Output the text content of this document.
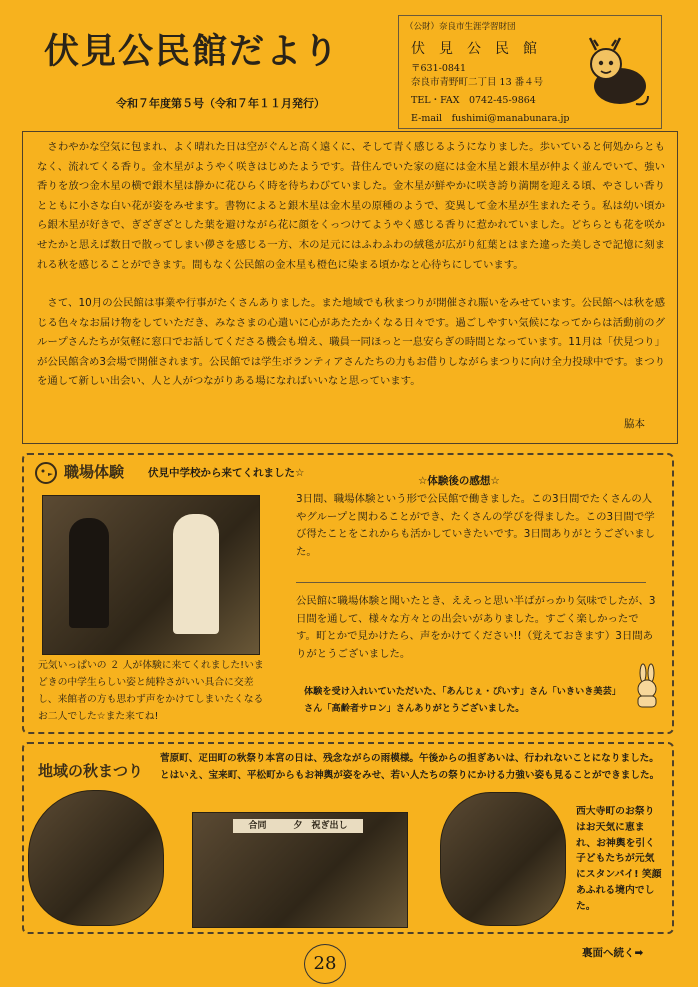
伏見公民館だより
令和７年度第５号（令和７年１１月発行）
（公財）奈良市生涯学習財団
伏　見　公　民　館
〒631-0841
奈良市青野町二丁目 13 番４号
TEL・FAX　0742-45-9864
E-mail　fushimi@manabunara.jp

さわやかな空気に包まれ、よく晴れた日は空がぐんと高く遠くに、そして青く感じるようになりました。歩いていると何処からともなく、流れてくる香り。金木星がようやく咲きはじめたようです。昔住んでいた家の庭には金木星と銀木星が仲よく並んでいて、強い香りを放つ金木星の横で銀木星は静かに花ひらく時を待ちわびていました。金木星が鮮やかに咲き誇り満開を迎える頃、やさしい香りとともに小さな白い花が姿をみせます。書物によると銀木星は金木星の原種のようで、変異して金木星が生まれたそう。私は幼い頃から銀木星が好きで、ぎざぎざとした葉を避けながら花に顔をくっつけてようやく感じる香りに惹かれていました。どちらとも花を咲かせたかと思えば数日で散ってしまい儚さを感じる一方、木の足元にはふわふわの絨毯が広がり紅葉とはまた違った美しさで記憶に刻まれる秋を感じることができます。間もなく公民館の金木星も橙色に染まる頃かなと心待ちにしています。

さて、10月の公民館は事業や行事がたくさんありました。また地域でも秋まつりが開催され賑いをみせています。公民館へは秋を感じる色々なお届け物をしていただき、みなさまの心遣いに心があたたかくなる日々です。過ごしやすい気候になってからは活動前のグループさんたちが気軽に窓口でお話してくださる機会も増え、職員一同ほっと一息安らぎの時間となっています。11月は「伏見つり」が公民館含め3会場で開催されます。公民館では学生ボランティアさんたちの力もお借りしながらまつりに向け全力投球中です。まつりを通して新しい出会い、人と人がつながりある場になればいいなと思っています。

脇本
職場体験 伏見中学校から来てくれました☆

元気いっぱいの ２ 人が体験に来てくれました!いまどきの中学生らしい姿と純粋さがいい具合に交差し、来館者の方も思わず声をかけてしまいたくなるお二人でした☆また来てね!

☆体験後の感想☆

3日間、職場体験という形で公民館で働きました。この3日間でたくさんの人やグループと関わることができ、たくさんの学びを得ました。この3日間で学び得たことをこれからも活かしていきたいです。3日間ありがとうございました。

公民館に職場体験と聞いたとき、ええっと思い半ばがっかり気味でしたが、3日間を通して、様々な方々との出会いがありました。すごく楽しかったです。町とかで見かけたら、声をかけてください!!（覚えておきます）3日間ありがとうございました。

体験を受け入れいていただいた、「あんじぇ・ぴいす」さん「いきいき美芸」さん「高齢者サロン」さんありがとうございました。

地域の秋まつり

菅原町、疋田町の秋祭り本宮の日は、残念ながらの雨模様。午後からの担ぎあいは、行われないことになりました。とはいえ、宝来町、平松町からもお神輿が姿をみせ、若い人たちの祭りにかける力強い姿も見ることができました。

合同　　　夕　祝ぎ出し

西大寺町のお祭りはお天気に恵まれ、お神輿を引く子どもたちが元気にスタンバイ! 笑顔あふれる境内でした。

28	裏面へ続く➡
